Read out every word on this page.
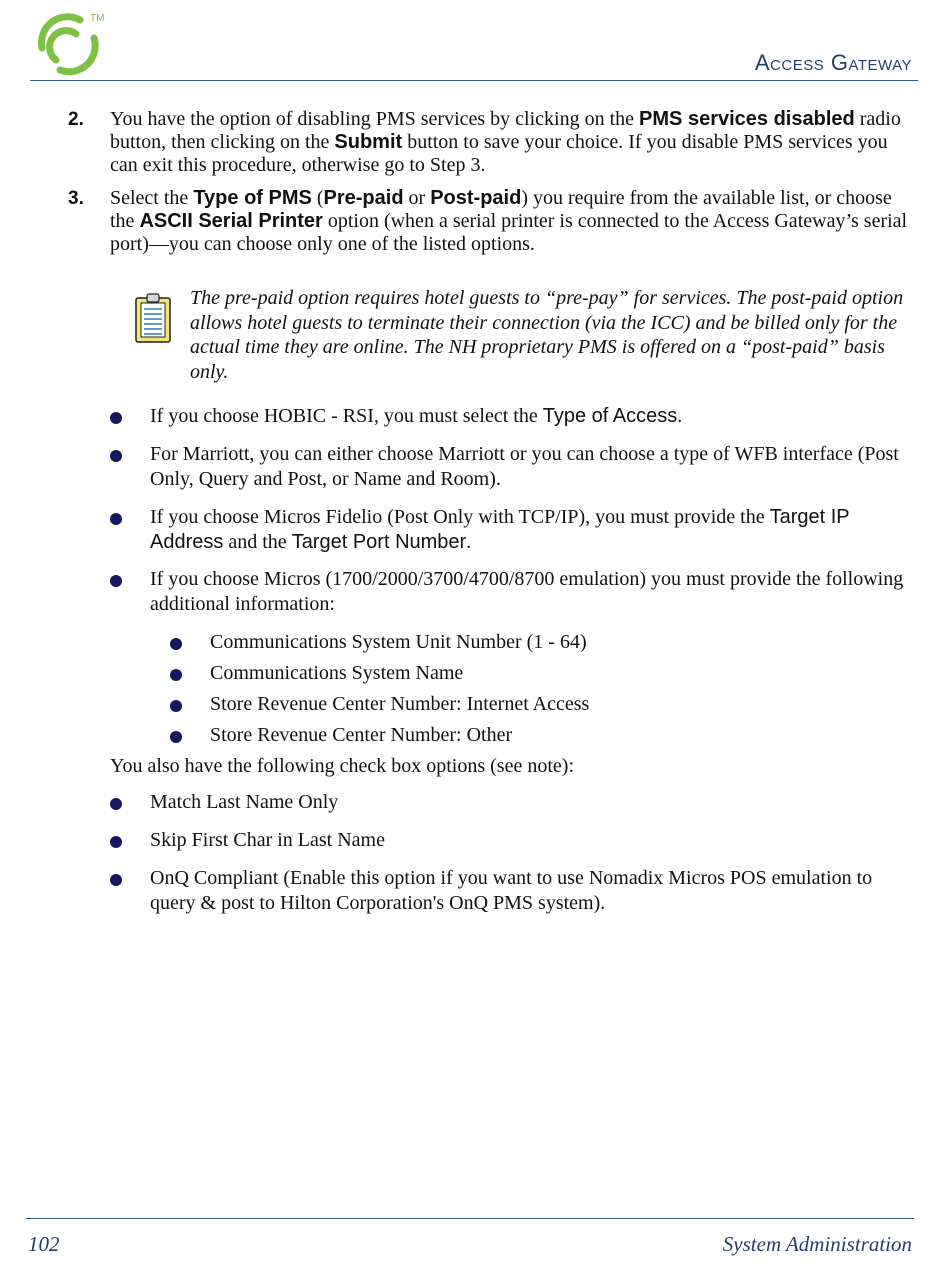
TM
Access Gateway
2. You have the option of disabling PMS services by clicking on the PMS services disabled radio button, then clicking on the Submit button to save your choice. If you disable PMS services you can exit this procedure, otherwise go to Step 3.
3. Select the Type of PMS (Pre-paid or Post-paid) you require from the available list, or choose the ASCII Serial Printer option (when a serial printer is connected to the Access Gateway’s serial port)—you can choose only one of the listed options.
The pre-paid option requires hotel guests to “pre-pay” for services. The post-paid option allows hotel guests to terminate their connection (via the ICC) and be billed only for the actual time they are online. The NH proprietary PMS is offered on a “post-paid” basis only.
If you choose HOBIC - RSI, you must select the Type of Access.
For Marriott, you can either choose Marriott or you can choose a type of WFB interface (Post Only, Query and Post, or Name and Room).
If you choose Micros Fidelio (Post Only with TCP/IP), you must provide the Target IP Address and the Target Port Number.
If you choose Micros (1700/2000/3700/4700/8700 emulation) you must provide the following additional information:
Communications System Unit Number (1 - 64)
Communications System Name
Store Revenue Center Number: Internet Access
Store Revenue Center Number: Other
You also have the following check box options (see note):
Match Last Name Only
Skip First Char in Last Name
OnQ Compliant (Enable this option if you want to use Nomadix Micros POS emulation to query & post to Hilton Corporation's OnQ PMS system).
102	System Administration
